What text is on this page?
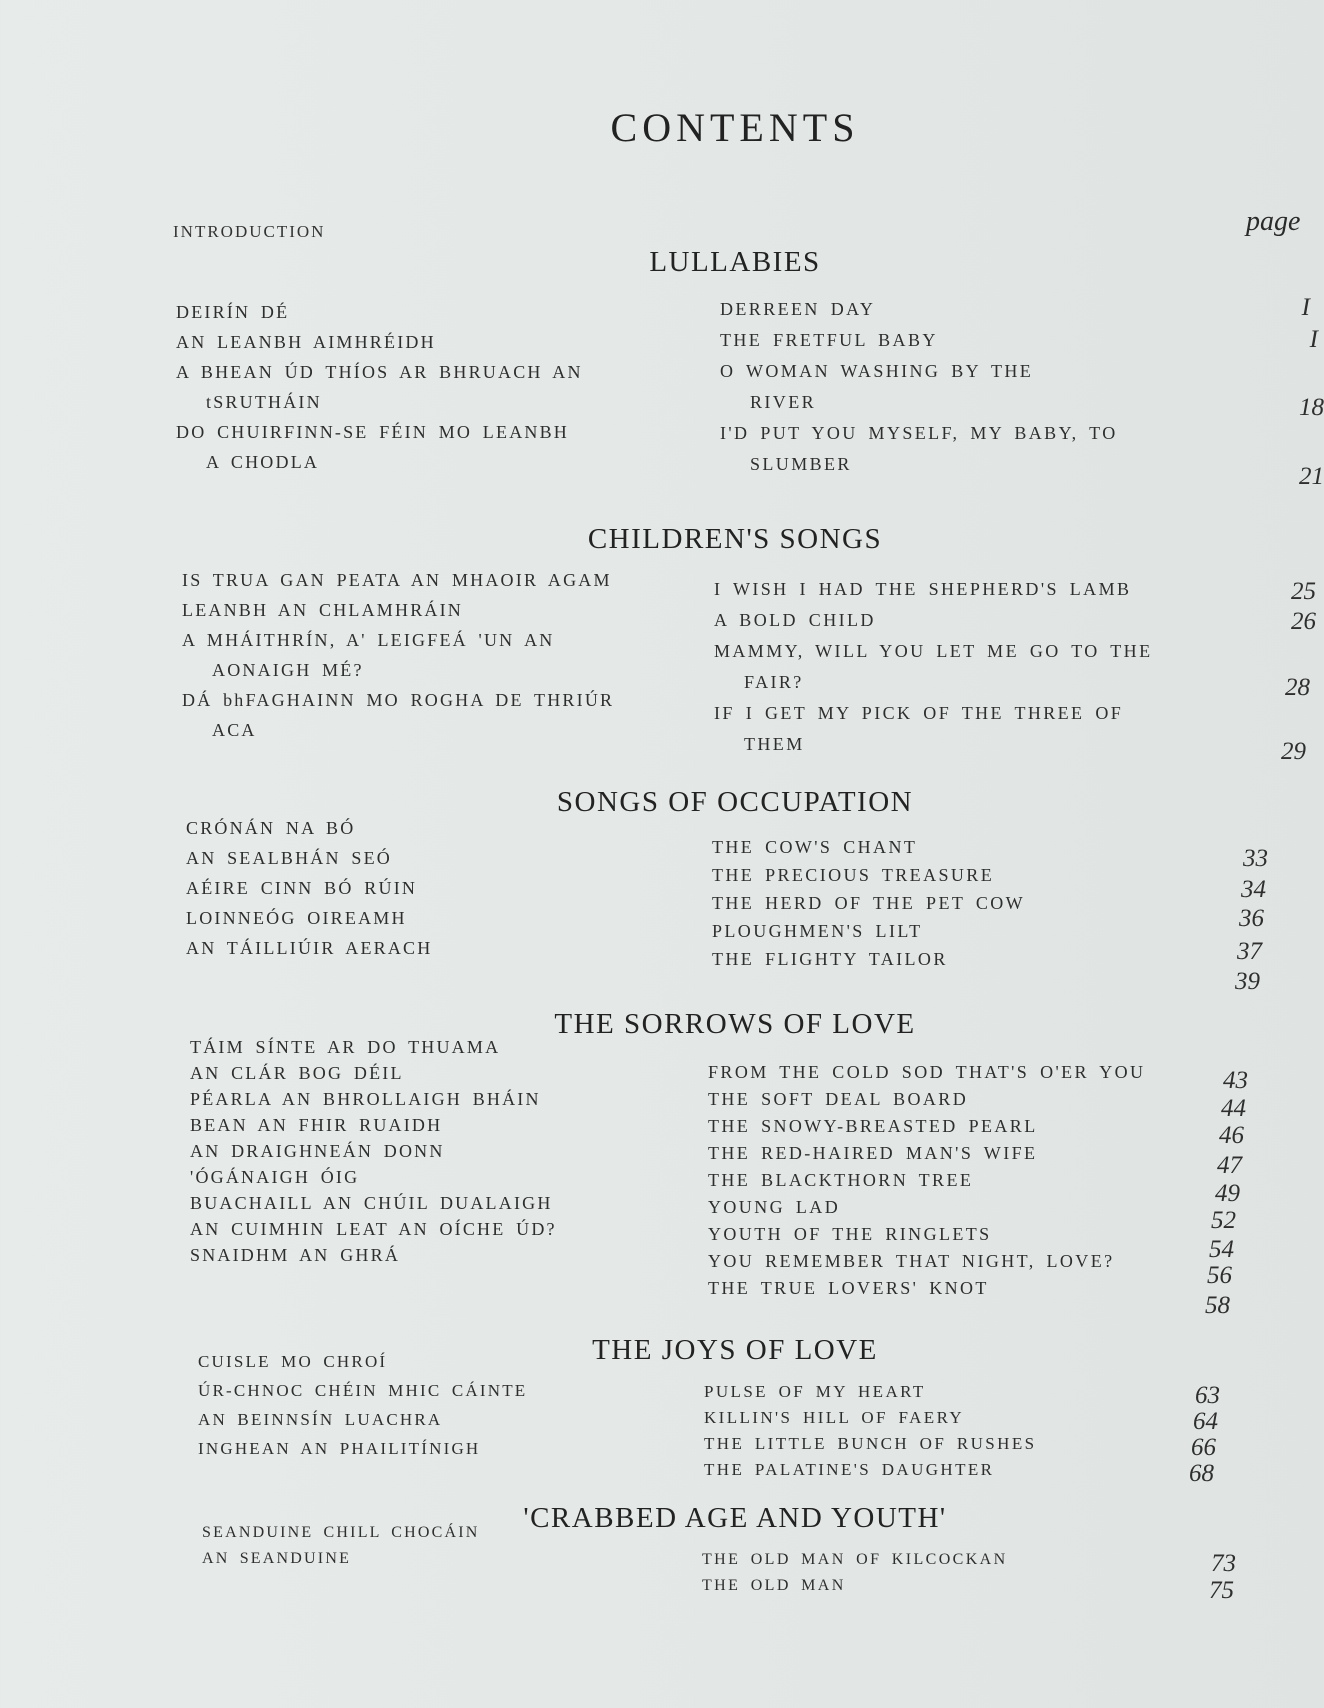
CONTENTS
INTRODUCTION	page
LULLABIES
DEIRÍN DÉ
AN LEANBH AIMHRÉIDH
A BHEAN ÚD THÍOS AR BHRUACH AN
tSRUTHÁIN
DO CHUIRFINN-SE FÉIN MO LEANBH
A CHODLA
DERREEN DAY
THE FRETFUL BABY
O WOMAN WASHING BY THE
RIVER
I'D PUT YOU MYSELF, MY BABY, TO
SLUMBER
I
I
18
21
CHILDREN'S SONGS
IS TRUA GAN PEATA AN MHAOIR AGAM
LEANBH AN CHLAMHRÁIN
A MHÁITHRÍN, A' LEIGFEÁ 'UN AN
AONAIGH MÉ?
DÁ bhFAGHAINN MO ROGHA DE THRIÚR
ACA
I WISH I HAD THE SHEPHERD'S LAMB
A BOLD CHILD
MAMMY, WILL YOU LET ME GO TO THE
FAIR?
IF I GET MY PICK OF THE THREE OF
THEM
25
26
28
29
SONGS OF OCCUPATION
CRÓNÁN NA BÓ
AN SEALBHÁN SEÓ
AÉIRE CINN BÓ RÚIN
LOINNEÓG OIREAMH
AN TÁILLIÚIR AERACH
THE COW'S CHANT
THE PRECIOUS TREASURE
THE HERD OF THE PET COW
PLOUGHMEN'S LILT
THE FLIGHTY TAILOR
33
34
36
37
39
THE SORROWS OF LOVE
TÁIM SÍNTE AR DO THUAMA
AN CLÁR BOG DÉIL
PÉARLA AN BHROLLAIGH BHÁIN
BEAN AN FHIR RUAIDH
AN DRAIGHNEÁN DONN
'ÓGÁNAIGH ÓIG
BUACHAILL AN CHÚIL DUALAIGH
AN CUIMHIN LEAT AN OÍCHE ÚD?
SNAIDHM AN GHRÁ
FROM THE COLD SOD THAT'S O'ER YOU
THE SOFT DEAL BOARD
THE SNOWY-BREASTED PEARL
THE RED-HAIRED MAN'S WIFE
THE BLACKTHORN TREE
YOUNG LAD
YOUTH OF THE RINGLETS
YOU REMEMBER THAT NIGHT, LOVE?
THE TRUE LOVERS' KNOT
43
44
46
47
49
52
54
56
58
THE JOYS OF LOVE
CUISLE MO CHROÍ
ÚR-CHNOC CHÉIN MHIC CÁINTE
AN BEINNSÍN LUACHRA
INGHEAN AN PHAILITÍNIGH
PULSE OF MY HEART
KILLIN'S HILL OF FAERY
THE LITTLE BUNCH OF RUSHES
THE PALATINE'S DAUGHTER
63
64
66
68
'CRABBED AGE AND YOUTH'
SEANDUINE CHILL CHOCÁIN
AN SEANDUINE	THE OLD MAN OF KILCOCKAN
THE OLD MAN
73
75
